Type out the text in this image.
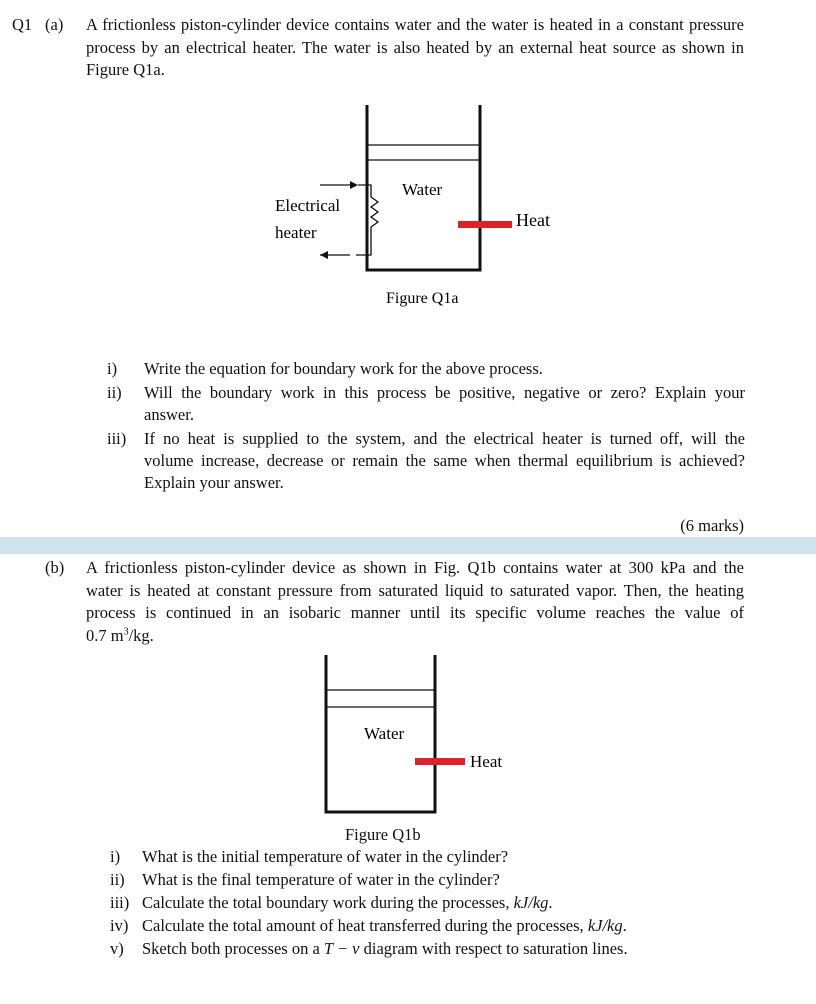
Q1 (a) A frictionless piston-cylinder device contains water and the water is heated in a constant pressure process by an electrical heater. The water is also heated by an external heat source as shown in Figure Q1a.
Water
Electrical
heater
Heat
Figure Q1a
i) Write the equation for boundary work for the above process.
ii) Will the boundary work in this process be positive, negative or zero? Explain your
answer.
iii) If no heat is supplied to the system, and the electrical heater is turned off, will the
volume increase, decrease or remain the same when thermal equilibrium is achieved?
Explain your answer.
(6 marks)
(b) A frictionless piston-cylinder device as shown in Fig. Q1b contains water at 300 kPa and the
water is heated at constant pressure from saturated liquid to saturated vapor. Then, the heating
process is continued in an isobaric manner until its specific volume reaches the value of
0.7 $m^3/kg$.
Water
Heat
Figure Q1b
i) What is the initial temperature of water in the cylinder?
ii) What is the final temperature of water in the cylinder?
iii) Calculate the total boundary work during the processes, kJ/kg.
iv) Calculate the total amount of heat transferred during the processes, kJ/kg.
v) Sketch both processes on a T − v diagram with respect to saturation lines.
